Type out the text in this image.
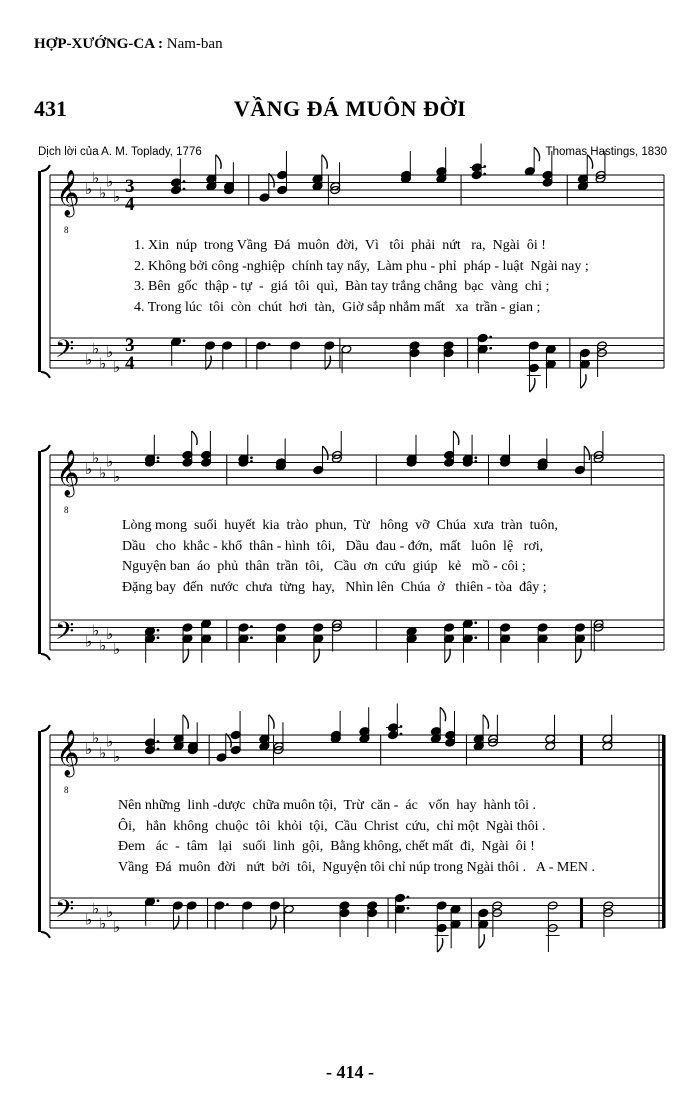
HỢP-XƯỚNG-CA : Nam-ban
431	VẦNG ĐÁ MUÔN ĐỜI
Dịch lời của A. M. Toplady, 1776	Thomas Hastings, 1830
𝄞 ♭
♭
♭
♭
♭
𝄢 ♭
♭
♭
♭
♭
𝄞 ♭
♭
♭
♭
♭
𝄢 ♭
♭
♭
♭
♭
𝄞 ♭
♭
♭
♭
♭
𝄢 ♭
♭
♭
♭
♭
3
4
3
4
8
8
8
1. Xin  núp  trong Vầng  Đá  muôn  đời,  Vì   tôi  phải  nứt   ra,  Ngài  ôi !
2. Không bởi công -nghiệp  chính tay nẩy,  Làm phu - phỉ  pháp - luật  Ngài nay ;
3. Bên  gốc  thập - tự  -  giá  tôi  quì,  Bàn tay trắng chẳng  bạc  vàng  chi ;
4. Trong lúc  tôi  còn  chút  hơi  tàn,  Giờ sắp nhắm mất   xa  trần - gian ;
Lòng mong  suối  huyết  kia  trào  phun,  Từ   hông  vỡ  Chúa  xưa  tràn  tuôn,
Dầu   cho  khắc - khổ  thân - hình  tôi,   Dầu  đau - đớn,  mất   luôn  lệ   rơi,
Nguyện ban  áo  phủ  thân  trần  tôi,   Cầu  ơn  cứu  giúp   kẻ   mồ - côi ;
Đặng bay  đến  nước  chưa  từng  hay,   Nhìn lên  Chúa  ở   thiên - tòa  đây ;
Nên những  linh -dược  chữa muôn tội,  Trừ  căn -  ác   vốn  hay  hành tôi .
Ôi,   hẳn  không  chuộc  tôi  khỏi  tội,  Cầu  Christ  cứu,  chỉ một  Ngài thôi .
Đem   ác  -  tâm   lại   suối  linh  gội,  Bằng không, chết mất  đi,  Ngài  ôi !
Vầng  Đá  muôn  đời   nứt  bởi  tôi,  Nguyện tôi chỉ núp trong Ngài thôi .   A - MEN .
- 414 -
